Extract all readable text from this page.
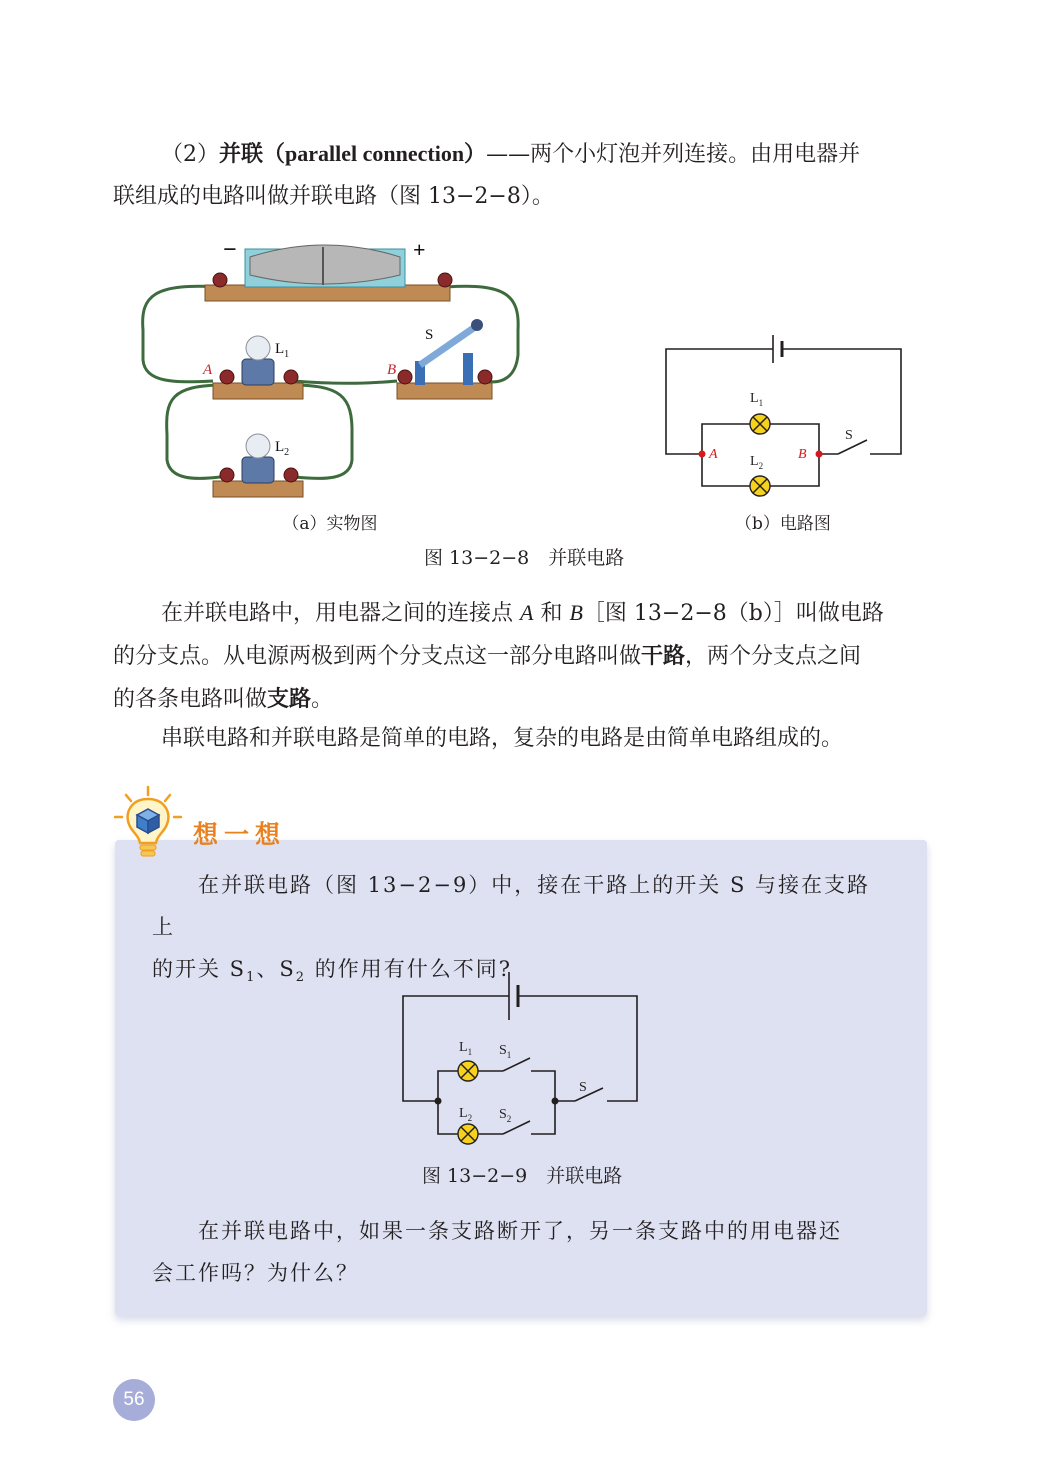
（2）并联（parallel connection）——两个小灯泡并列连接。由用电器并
联组成的电路叫做并联电路（图 13−2−8）。

−	+
$L_1$
A
$L_2$
S
B
（a）实物图
$L_1$
$L_2$
A	B
S
（b）电路图
图 13−2−8　并联电路

在并联电路中，用电器之间的连接点 A 和 B［图 13−2−8（b）］叫做电路
的分支点。从电源两极到两个分支点这一部分电路叫做干路，两个分支点之间
的各条电路叫做支路。

串联电路和并联电路是简单的电路，复杂的电路是由简单电路组成的。

想一想

在并联电路（图 13−2−9）中，接在干路上的开关 S 与接在支路上
的开关 $S_1$、$S_2$ 的作用有什么不同?

$L_1$ $S_1$
$L_2$ $S_2$
S
图 13−2−9　并联电路

在并联电路中，如果一条支路断开了，另一条支路中的用电器还
会工作吗？为什么？

56
